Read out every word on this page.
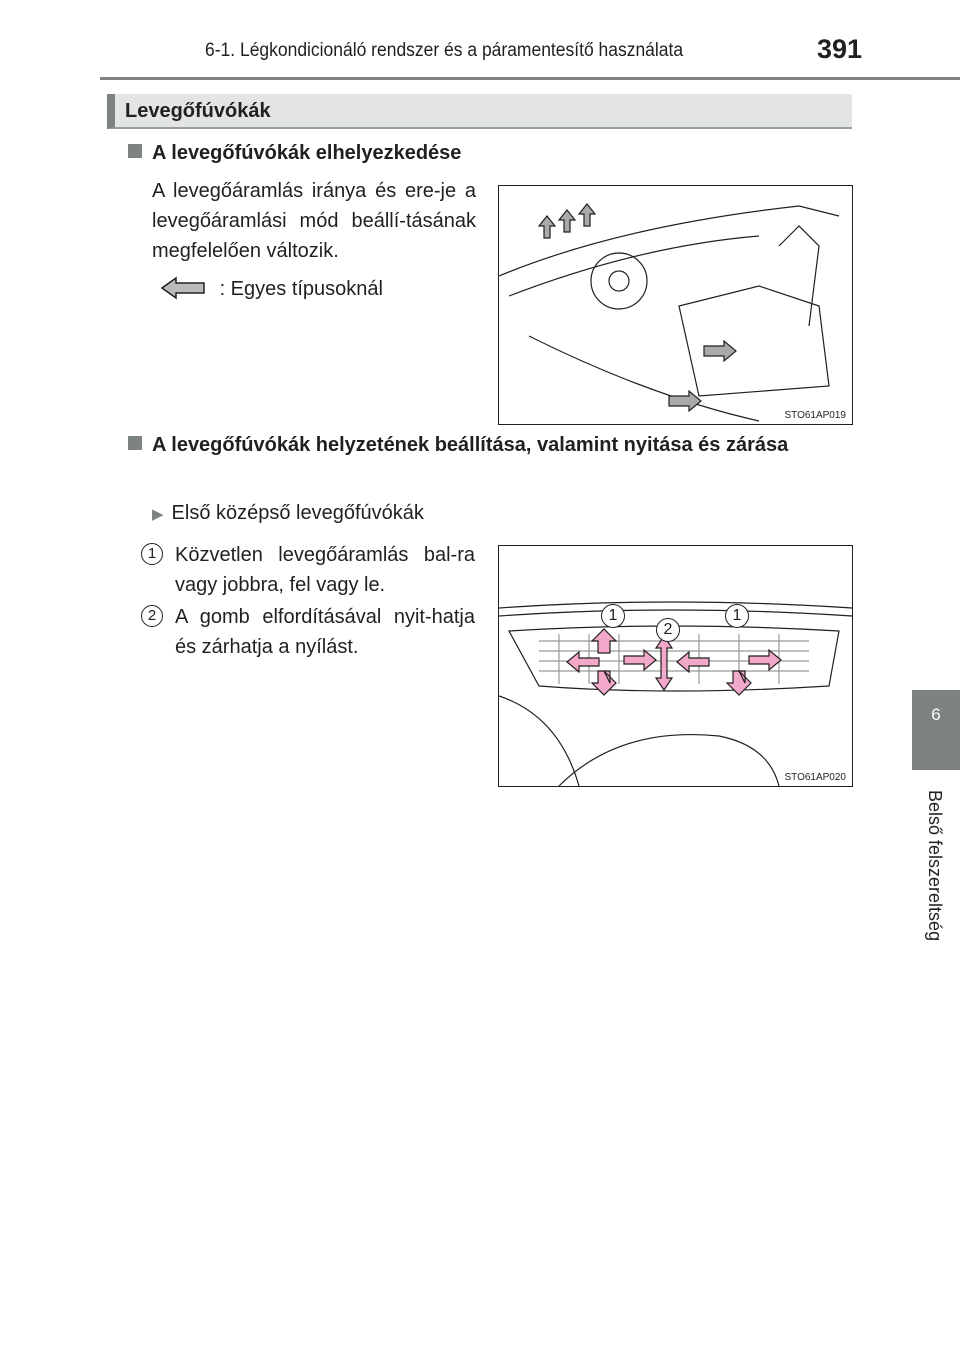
6-1. Légkondicionáló rendszer és a páramentesítő használata	391
Levegőfúvókák
A levegőfúvókák elhelyezkedése
A levegőáramlás iránya és ere-je a levegőáramlási mód beállí-tásának megfelelően változik.
: Egyes típusoknál
STO61AP019
A levegőfúvókák helyzetének beállítása, valamint nyitása és zárása
▶ Első középső levegőfúvókák
1 Közvetlen levegőáramlás bal-ra vagy jobbra, fel vagy le.
2 A gomb elfordításával nyit-hatja és zárhatja a nyílást.
1
2
1
STO61AP020
6
Belső felszereltség
